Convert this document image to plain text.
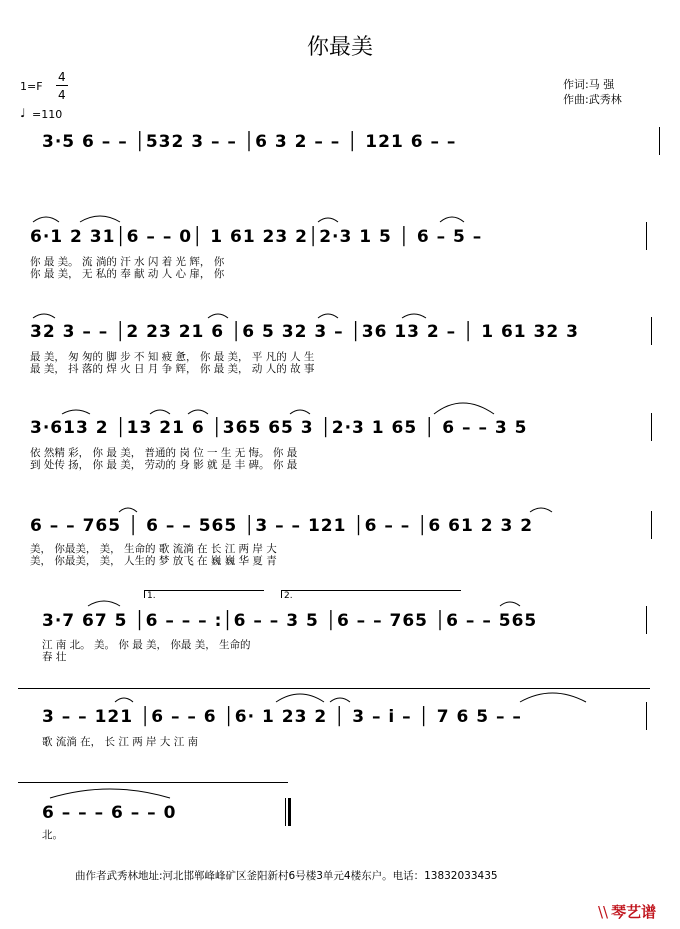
你最美
1=F
4
4
♩ =110
作词:马 强
作曲:武秀林
3·5 6 – – │532 3 – – │6 3 2 – – │ 121 6 – –
6·1 2 31│6 – – 0│ 1 61 23 2│2·3 1 5 │ 6 – 5 –
你 最 美。 流 淌的 汗 水 闪 着 光 辉， 你
你 最 美， 无 私的 奉 献 动 人 心 扉， 你
32 3 – – │2 23 21 6 │6 5 32 3 – │36 13 2 – │ 1 61 32 3
最 美， 匆 匆的 脚 步 不 知 疲 惫， 你 最 美， 平 凡的 人 生
最 美， 抖 落的 焊 火 日 月 争 辉， 你 最 美， 动 人的 故 事
3·613 2 │13 21 6 │365 65 3 │2·3 1 65 │ 6 – – 3 5
依 然精 彩， 你 最 美， 普通的 岗 位 一 生 无 悔。 你 最
到 处传 扬， 你 最 美， 劳动的 身 影 就 是 丰 碑。 你 最
6 – – 765 │ 6 – – 565 │3 – – 121 │6 – – │6 61 2 3 2
美， 你最美， 美， 生命的 歌 流淌 在 长 江 两 岸 大
美， 你最美， 美， 人生的 梦 放飞 在 巍 巍 华 夏 青
1.	2.
3·7 67 5 │6 – – – :│6 – – 3 5 │6 – – 765 │6 – – 565
江 南 北。 美。 你 最 美， 你最 美， 生命的
春 壮
3 – – 121 │6 – – 6 │6· 1 23 2 │ 3 – i – │ 7 6 5 – –
歌 流淌 在， 长 江 两 岸 大 江 南
6 – – – 6 – – 0
北。
曲作者武秀林地址:河北邯郸峰峰矿区釜阳新村6号楼3单元4楼东户。电话：13832033435
\\ 琴艺谱
